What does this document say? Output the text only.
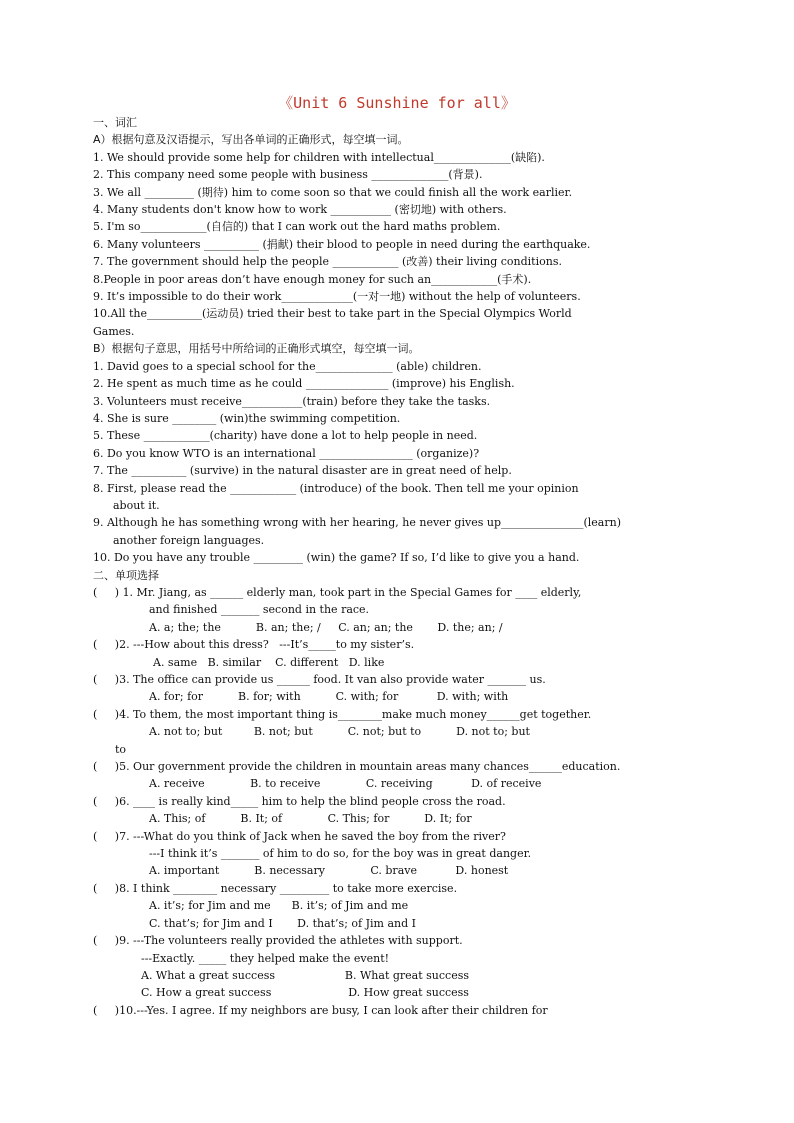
《Unit 6 Sunshine for all》
一、词汇
A）根据句意及汉语提示，写出各单词的正确形式，每空填一词。
1. We should provide some help for children with intellectual______________(缺陷).
2. This company need some people with business ______________(背景).
3. We all _________ (期待) him to come soon so that we could finish all the work earlier.
4. Many students don't know how to work ___________ (密切地) with others.
5. I'm so____________(自信的) that I can work out the hard maths problem.
6. Many volunteers __________ (捐献) their blood to people in need during the earthquake.
7. The government should help the people ____________ (改善) their living conditions.
8.People in poor areas don’t have enough money for such an____________(手术).
9. It’s impossible to do their work_____________(一对一地) without the help of volunteers.
10.All the__________(运动员) tried their best to take part in the Special Olympics World
Games.
B）根据句子意思，用括号中所给词的正确形式填空，每空填一词。
1. David goes to a special school for the______________ (able) children.
2. He spent as much time as he could _______________ (improve) his English.
3. Volunteers must receive___________(train) before they take the tasks.
4. She is sure ________ (win)the swimming competition.
5. These ____________(charity) have done a lot to help people in need.
6. Do you know WTO is an international _________________ (organize)?
7. The __________ (survive) in the natural disaster are in great need of help.
8. First, please read the ____________ (introduce) of the book. Then tell me your opinion
about it.
9. Although he has something wrong with her hearing, he never gives up_______________(learn)
another foreign languages.
10. Do you have any trouble _________ (win) the game? If so, I’d like to give you a hand.
二、单项选择
(     ) 1. Mr. Jiang, as ______ elderly man, took part in the Special Games for ____ elderly,
and finished _______ second in the race.
A. a; the; the          B. an; the; /     C. an; an; the       D. the; an; /
(     )2. ---How about this dress?   ---It’s_____to my sister’s.
A. same   B. similar    C. different   D. like
(     )3. The office can provide us ______ food. It van also provide water _______ us.
A. for; for          B. for; with          C. with; for           D. with; with
(     )4. To them, the most important thing is________make much money______get together.
A. not to; but         B. not; but          C. not; but to          D. not to; but
to
(     )5. Our government provide the children in mountain areas many chances______education.
A. receive             B. to receive             C. receiving           D. of receive
(     )6. ____ is really kind_____ him to help the blind people cross the road.
A. This; of          B. It; of             C. This; for          D. It; for
(     )7. ---What do you think of Jack when he saved the boy from the river?
---I think it’s _______ of him to do so, for the boy was in great danger.
A. important          B. necessary             C. brave           D. honest
(     )8. I think ________ necessary _________ to take more exercise.
A. it’s; for Jim and me      B. it’s; of Jim and me
C. that’s; for Jim and I       D. that’s; of Jim and I
(     )9. ---The volunteers really provided the athletes with support.
---Exactly. _____ they helped make the event!
A. What a great success                    B. What great success
C. How a great success                      D. How great success
(     )10.---Yes. I agree. If my neighbors are busy, I can look after their children for
